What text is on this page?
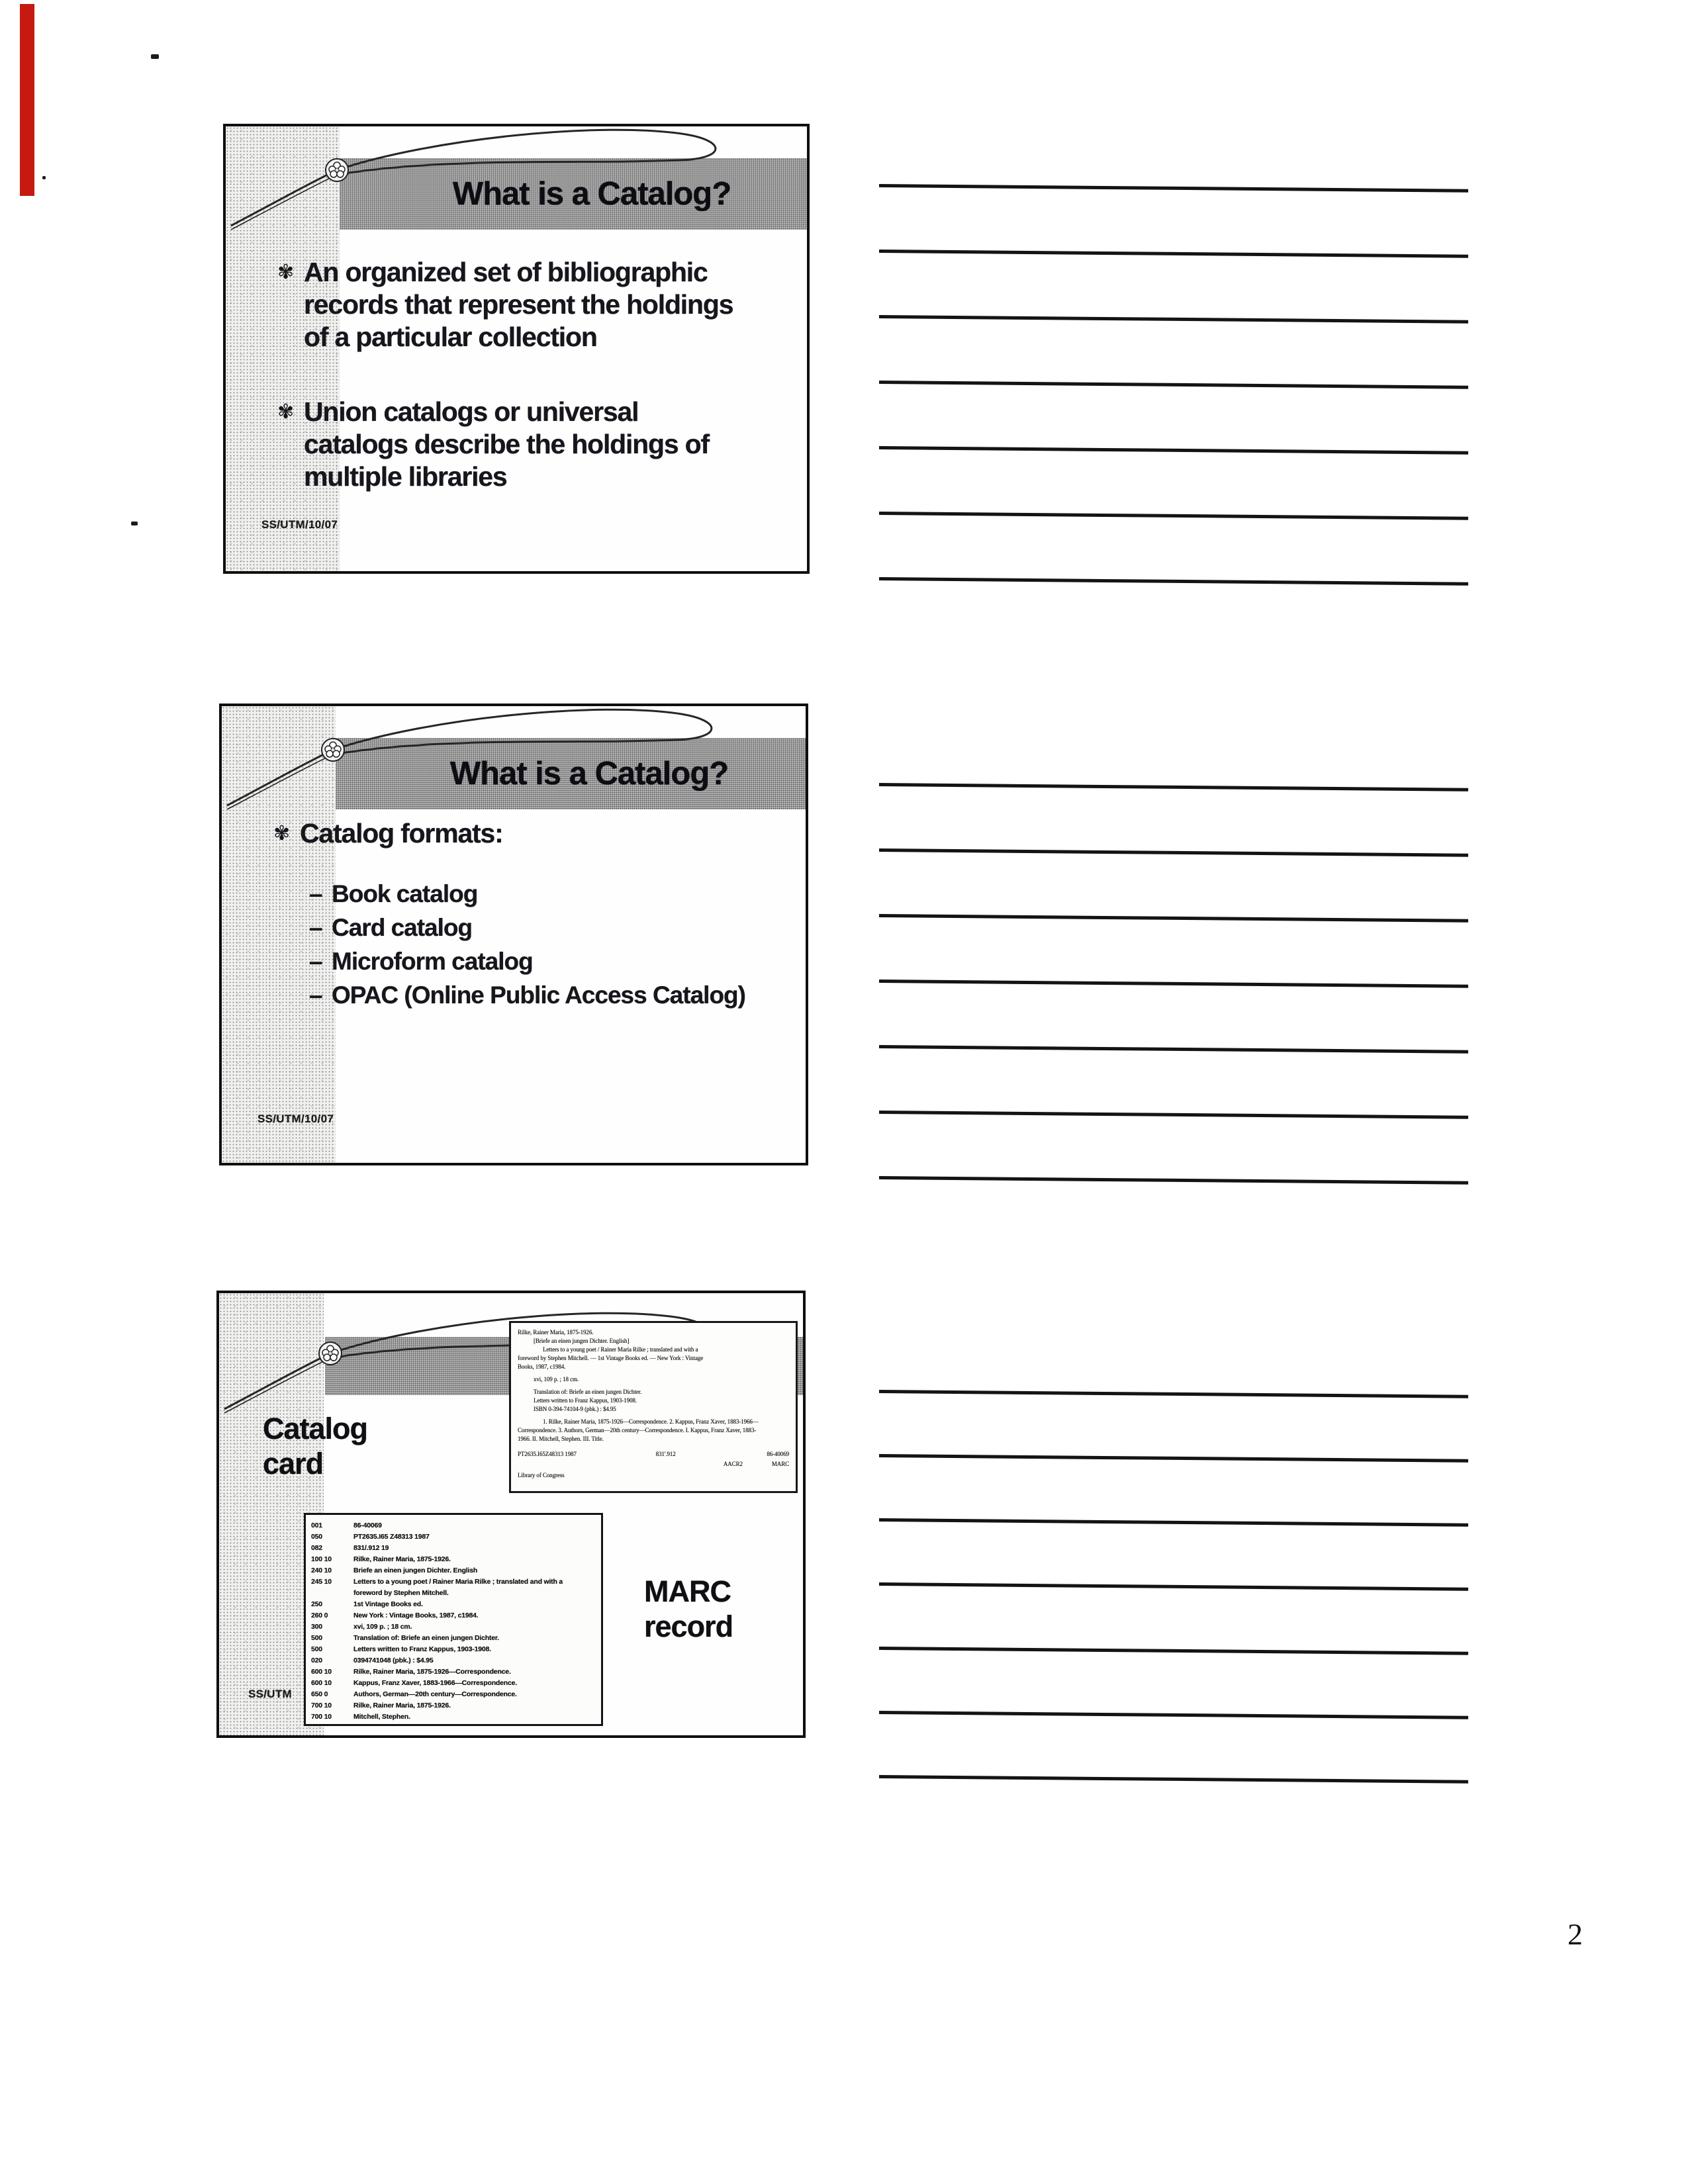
What is a Catalog?
✾ An organized set of bibliographic
records that represent the holdings
of a particular collection
✾ Union catalogs or universal
catalogs describe the holdings of
multiple libraries
SS/UTM/10/07
What is a Catalog?
✾ Catalog formats:
– Book catalog
– Card catalog
– Microform catalog
– OPAC (Online Public Access Catalog)
SS/UTM/10/07
Catalog card
Rilke, Rainer Maria, 1875-1926.
[Briefe an einen jungen Dichter. English]
Letters to a young poet / Rainer Maria Rilke ; translated and with a
foreword by Stephen Mitchell. — 1st Vintage Books ed. — New York : Vintage
Books, 1987, c1984.
xvi, 109 p. ; 18 cm.
Translation of: Briefe an einen jungen Dichter.
Letters written to Franz Kappus, 1903-1908.
ISBN 0-394-74104-9 (pbk.) : $4.95
1. Rilke, Rainer Maria, 1875-1926—Correspondence. 2. Kappus, Franz Xaver, 1883-1966—
Correspondence. 3. Authors, German—20th century—Correspondence. I. Kappus, Franz Xaver, 1883-
1966. II. Mitchell, Stephen. III. Title.
PT2635.I65Z48313 1987	831'.912	86-40069
AACR2	MARC
Library of Congress
001	86-40069
050	PT2635.I65 Z48313 1987
082	831/.912 19
100 10	Rilke, Rainer Maria, 1875-1926.
240 10	Briefe an einen jungen Dichter. English
245 10	Letters to a young poet / Rainer Maria Rilke ; translated and with a
foreword by Stephen Mitchell.
250	1st Vintage Books ed.
260 0	New York : Vintage Books, 1987, c1984.
300	xvi, 109 p. ; 18 cm.
500	Translation of: Briefe an einen jungen Dichter.
500	Letters written to Franz Kappus, 1903-1908.
020	0394741048 (pbk.) : $4.95
600 10	Rilke, Rainer Maria, 1875-1926—Correspondence.
600 10	Kappus, Franz Xaver, 1883-1966—Correspondence.
650 0	Authors, German—20th century—Correspondence.
700 10	Rilke, Rainer Maria, 1875-1926.
700 10	Mitchell, Stephen.
MARC record
SS/UTM
2
